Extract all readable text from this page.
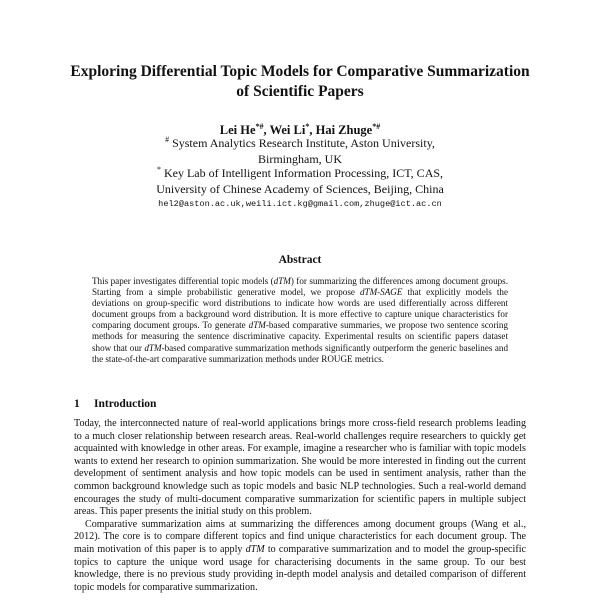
Exploring Differential Topic Models for Comparative Summarization
of Scientific Papers
Lei He*#, Wei Li*, Hai Zhuge*#
# System Analytics Research Institute, Aston University,
Birmingham, UK
* Key Lab of Intelligent Information Processing, ICT, CAS,
University of Chinese Academy of Sciences, Beijing, China
hel2@aston.ac.uk,weili.ict.kg@gmail.com,zhuge@ict.ac.cn
Abstract
This paper investigates differential topic models (dTM) for summarizing the differences among document groups. Starting from a simple probabilistic generative model, we propose dTM-SAGE that explicitly models the deviations on group-specific word distributions to indicate how words are used differentially across different document groups from a background word distribution. It is more effective to capture unique characteristics for comparing document groups. To generate dTM-based comparative summaries, we propose two sentence scoring methods for measuring the sentence discriminative capacity. Experimental results on scientific papers dataset show that our dTM-based comparative summarization methods significantly outperform the generic baselines and the state-of-the-art comparative summarization methods under ROUGE metrics.
1 Introduction

Today, the interconnected nature of real-world applications brings more cross-field research problems leading to a much closer relationship between research areas. Real-world challenges require researchers to quickly get acquainted with knowledge in other areas. For example, imagine a researcher who is familiar with topic models wants to extend her research to opinion summarization. She would be more interested in finding out the current development of sentiment analysis and how topic models can be used in sentiment analysis, rather than the common background knowledge such as topic models and basic NLP technologies. Such a real-world demand encourages the study of multi-document comparative summarization for scientific papers in multiple subject areas. This paper presents the initial study on this problem.

Comparative summarization aims at summarizing the differences among document groups (Wang et al., 2012). The core is to compare different topics and find unique characteristics for each document group. The main motivation of this paper is to apply dTM to comparative summarization and to model the group-specific topics to capture the unique word usage for characterising documents in the same group. To our best knowledge, there is no previous study providing in-depth model analysis and detailed comparison of different topic models for comparative summarization.
